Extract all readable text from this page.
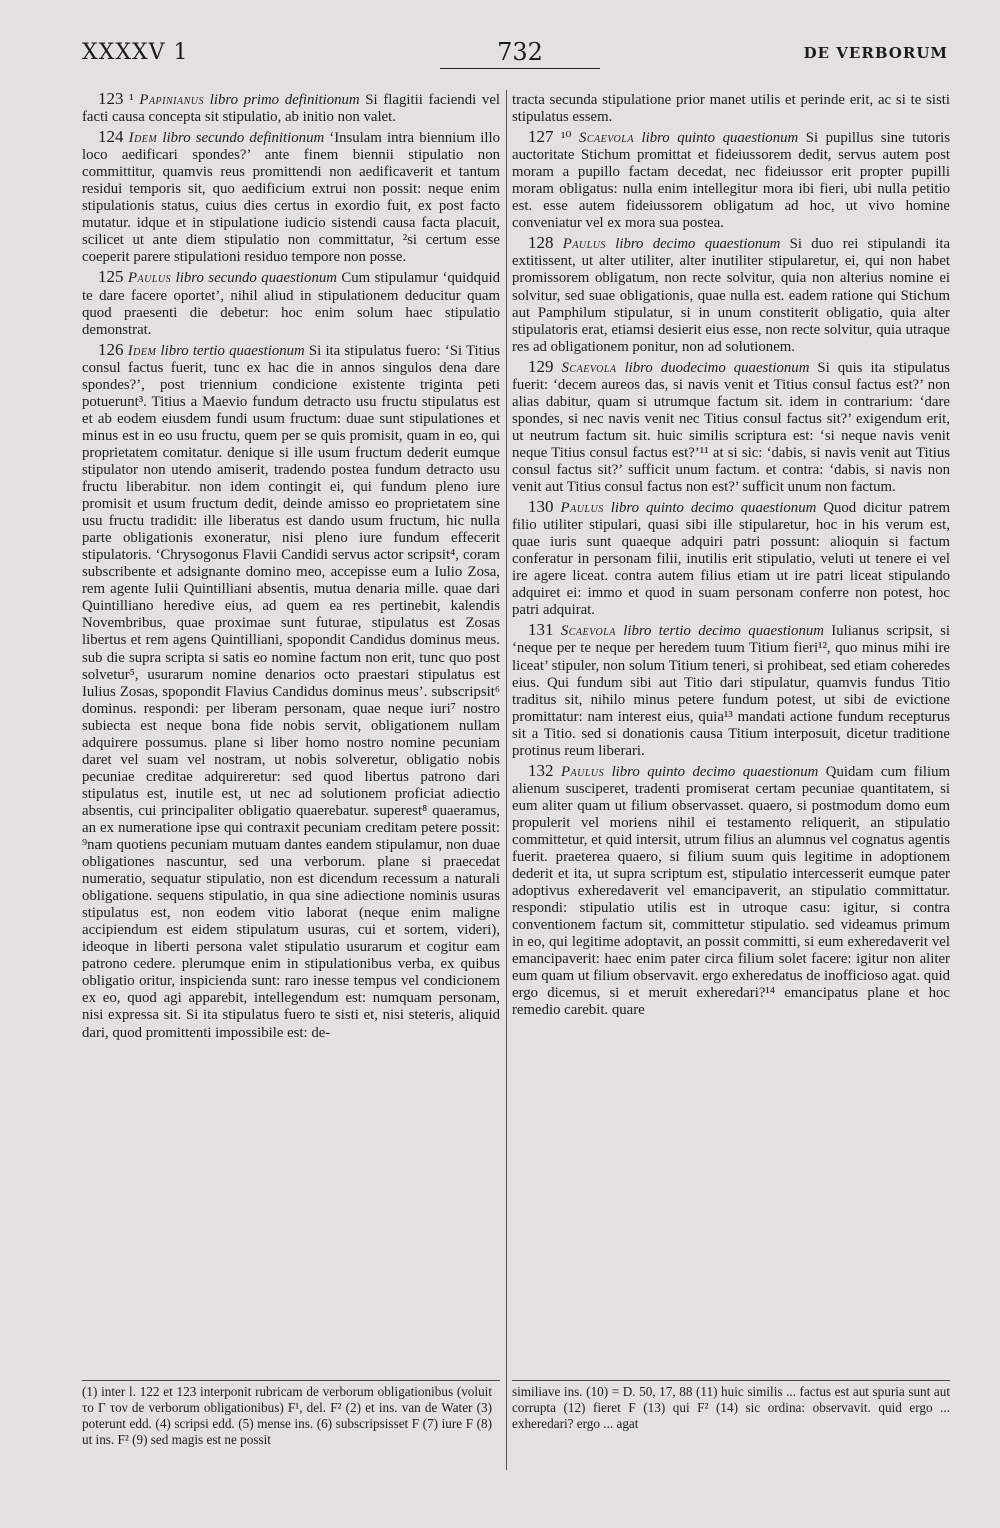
XXXXV 1	732	DE VERBORUM

123 ¹ Papinianus libro primo definitionum Si flagitii faciendi vel facti causa concepta sit stipulatio, ab initio non valet.

124 Idem libro secundo definitionum ‘Insulam intra biennium illo loco aedificari spondes?’ ante finem biennii stipulatio non committitur, quamvis reus promittendi non aedificaverit et tantum residui temporis sit, quo aedificium extrui non possit: neque enim stipulationis status, cuius dies certus in exordio fuit, ex post facto mutatur. idque et in stipulatione iudicio sistendi causa facta placuit, scilicet ut ante diem stipulatio non committatur, ²si certum esse coeperit parere stipulationi residuo tempore non posse.

125 Paulus libro secundo quaestionum Cum stipulamur ‘quidquid te dare facere oportet’, nihil aliud in stipulationem deducitur quam quod praesenti die debetur: hoc enim solum haec stipulatio demonstrat.

126 Idem libro tertio quaestionum Si ita stipulatus fuero: ‘Si Titius consul factus fuerit, tunc ex hac die in annos singulos dena dare spondes?’, post triennium condicione existente triginta peti potuerunt³. Titius a Maevio fundum detracto usu fructu stipulatus est et ab eodem eiusdem fundi usum fructum: duae sunt stipulationes et minus est in eo usu fructu, quem per se quis promisit, quam in eo, qui proprietatem comitatur. denique si ille usum fructum dederit eumque stipulator non utendo amiserit, tradendo postea fundum detracto usu fructu liberabitur. non idem contingit ei, qui fundum pleno iure promisit et usum fructum dedit, deinde amisso eo proprietatem sine usu fructu tradidit: ille liberatus est dando usum fructum, hic nulla parte obligationis exoneratur, nisi pleno iure fundum effecerit stipulatoris. ‘Chrysogonus Flavii Candidi servus actor scripsit⁴, coram subscribente et adsignante domino meo, accepisse eum a Iulio Zosa, rem agente Iulii Quintilliani absentis, mutua denaria mille. quae dari Quintilliano heredive eius, ad quem ea res pertinebit, kalendis Novembribus, quae proximae sunt futurae, stipulatus est Zosas libertus et rem agens Quintilliani, spopondit Candidus dominus meus. sub die supra scripta si satis eo nomine factum non erit, tunc quo post solvetur⁵, usurarum nomine denarios octo praestari stipulatus est Iulius Zosas, spopondit Flavius Candidus dominus meus’. subscripsit⁶ dominus. respondi: per liberam personam, quae neque iuri⁷ nostro subiecta est neque bona fide nobis servit, obligationem nullam adquirere possumus. plane si liber homo nostro nomine pecuniam daret vel suam vel nostram, ut nobis solveretur, obligatio nobis pecuniae creditae adquireretur: sed quod libertus patrono dari stipulatus est, inutile est, ut nec ad solutionem proficiat adiectio absentis, cui principaliter obligatio quaerebatur. superest⁸ quaeramus, an ex numeratione ipse qui contraxit pecuniam creditam petere possit: ⁹nam quotiens pecuniam mutuam dantes eandem stipulamur, non duae obligationes nascuntur, sed una verborum. plane si praecedat numeratio, sequatur stipulatio, non est dicendum recessum a naturali obligatione. sequens stipulatio, in qua sine adiectione nominis usuras stipulatus est, non eodem vitio laborat (neque enim maligne accipiendum est eidem stipulatum usuras, cui et sortem, videri), ideoque in liberti persona valet stipulatio usurarum et cogitur eam patrono cedere. plerumque enim in stipulationibus verba, ex quibus obligatio oritur, inspicienda sunt: raro inesse tempus vel condicionem ex eo, quod agi apparebit, intellegendum est: numquam personam, nisi expressa sit. Si ita stipulatus fuero te sisti et, nisi steteris, aliquid dari, quod promittenti impossibile est: de-

tracta secunda stipulatione prior manet utilis et perinde erit, ac si te sisti stipulatus essem.

127 ¹⁰ Scaevola libro quinto quaestionum Si pupillus sine tutoris auctoritate Stichum promittat et fideiussorem dedit, servus autem post moram a pupillo factam decedat, nec fideiussor erit propter pupilli moram obligatus: nulla enim intellegitur mora ibi fieri, ubi nulla petitio est. esse autem fideiussorem obligatum ad hoc, ut vivo homine conveniatur vel ex mora sua postea.

128 Paulus libro decimo quaestionum Si duo rei stipulandi ita extitissent, ut alter utiliter, alter inutiliter stipularetur, ei, qui non habet promissorem obligatum, non recte solvitur, quia non alterius nomine ei solvitur, sed suae obligationis, quae nulla est. eadem ratione qui Stichum aut Pamphilum stipulatur, si in unum constiterit obligatio, quia alter stipulatoris erat, etiamsi desierit eius esse, non recte solvitur, quia utraque res ad obligationem ponitur, non ad solutionem.

129 Scaevola libro duodecimo quaestionum Si quis ita stipulatus fuerit: ‘decem aureos das, si navis venit et Titius consul factus est?’ non alias dabitur, quam si utrumque factum sit. idem in contrarium: ‘dare spondes, si nec navis venit nec Titius consul factus sit?’ exigendum erit, ut neutrum factum sit. huic similis scriptura est: ‘si neque navis venit neque Titius consul factus est?’¹¹ at si sic: ‘dabis, si navis venit aut Titius consul factus sit?’ sufficit unum factum. et contra: ‘dabis, si navis non venit aut Titius consul factus non est?’ sufficit unum non factum.

130 Paulus libro quinto decimo quaestionum Quod dicitur patrem filio utiliter stipulari, quasi sibi ille stipularetur, hoc in his verum est, quae iuris sunt quaeque adquiri patri possunt: alioquin si factum conferatur in personam filii, inutilis erit stipulatio, veluti ut tenere ei vel ire agere liceat. contra autem filius etiam ut ire patri liceat stipulando adquiret ei: immo et quod in suam personam conferre non potest, hoc patri adquirat.

131 Scaevola libro tertio decimo quaestionum Iulianus scripsit, si ‘neque per te neque per heredem tuum Titium fieri¹², quo minus mihi ire liceat’ stipuler, non solum Titium teneri, si prohibeat, sed etiam coheredes eius. Qui fundum sibi aut Titio dari stipulatur, quamvis fundus Titio traditus sit, nihilo minus petere fundum potest, ut sibi de evictione promittatur: nam interest eius, quia¹³ mandati actione fundum recepturus sit a Titio. sed si donationis causa Titium interposuit, dicetur traditione protinus reum liberari.

132 Paulus libro quinto decimo quaestionum Quidam cum filium alienum susciperet, tradenti promiserat certam pecuniae quantitatem, si eum aliter quam ut filium observasset. quaero, si postmodum domo eum propulerit vel moriens nihil ei testamento reliquerit, an stipulatio committetur, et quid intersit, utrum filius an alumnus vel cognatus agentis fuerit. praeterea quaero, si filium suum quis legitime in adoptionem dederit et ita, ut supra scriptum est, stipulatio intercesserit eumque pater adoptivus exheredaverit vel emancipaverit, an stipulatio committatur. respondi: stipulatio utilis est in utroque casu: igitur, si contra conventionem factum sit, committetur stipulatio. sed videamus primum in eo, qui legitime adoptavit, an possit committi, si eum exheredaverit vel emancipaverit: haec enim pater circa filium solet facere: igitur non aliter eum quam ut filium observavit. ergo exheredatus de inofficioso agat. quid ergo dicemus, si et meruit exheredari?¹⁴ emancipatus plane et hoc remedio carebit. quare

(1) inter l. 122 et 123 interponit rubricam de verborum obligationibus (voluit το Γ τον de verborum obligationibus) F¹, del. F² (2) et ins. van de Water (3) poterunt edd. (4) scripsi edd. (5) mense ins. (6) subscripsisset F (7) iure F (8) ut ins. F² (9) sed magis est ne possit

similiave ins. (10) = D. 50, 17, 88 (11) huic similis ... factus est aut spuria sunt aut corrupta (12) fieret F (13) qui F² (14) sic ordina: observavit. quid ergo ... exheredari? ergo ... agat
